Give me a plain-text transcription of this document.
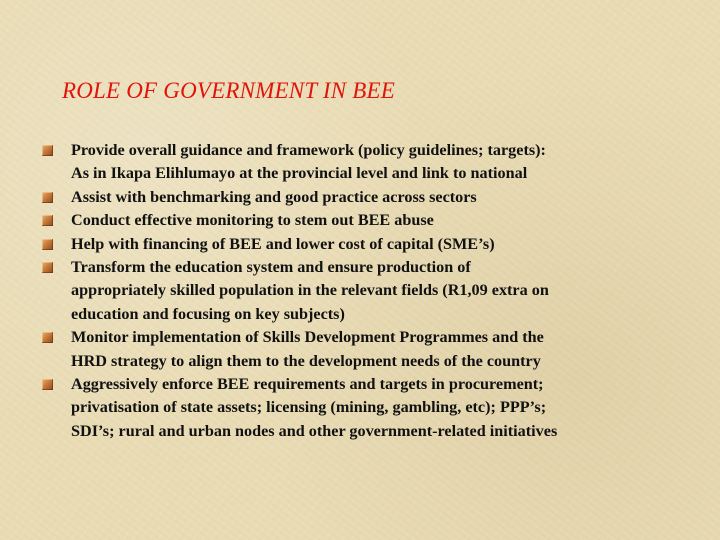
ROLE OF GOVERNMENT IN BEE
Provide overall guidance and framework (policy guidelines; targets):
As in Ikapa Elihlumayo at the provincial level and link to national
Assist with benchmarking and good practice across sectors
Conduct effective monitoring to stem out BEE abuse
Help with financing of BEE and lower cost of capital (SME’s)
Transform the education system and ensure production of
appropriately skilled population in the relevant fields (R1,09 extra on
education and focusing on key subjects)
Monitor implementation of Skills Development Programmes and the
HRD strategy to align them to the development needs of the country
Aggressively enforce BEE requirements and targets in procurement;
privatisation of state assets; licensing (mining, gambling, etc); PPP’s;
SDI’s; rural and urban nodes and other government-related initiatives
